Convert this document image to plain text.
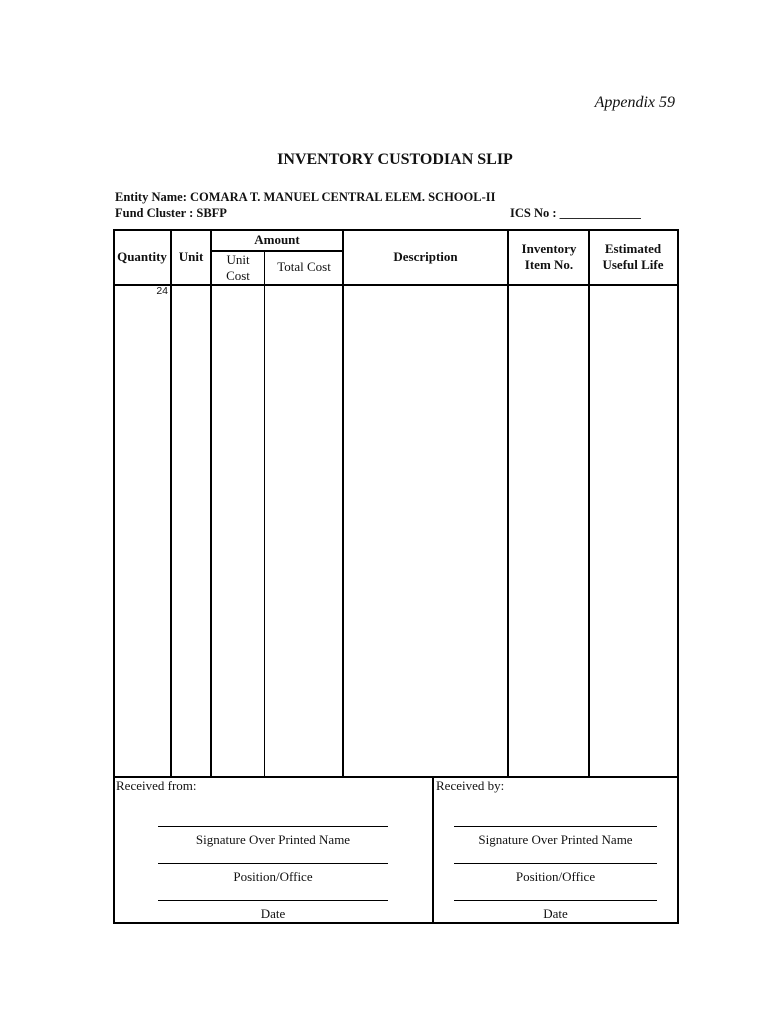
Appendix 59
INVENTORY CUSTODIAN SLIP
Entity Name: COMARA T. MANUEL CENTRAL ELEM. SCHOOL-II
Fund Cluster : SBFP	ICS No : _____________
Quantity Unit
Amount
Unit Cost
Total Cost
Description
Inventory Item No.
Estimated Useful Life
24
Received from:
Signature Over Printed Name
Position/Office
Date
Received by:
Signature Over Printed Name
Position/Office
Date
